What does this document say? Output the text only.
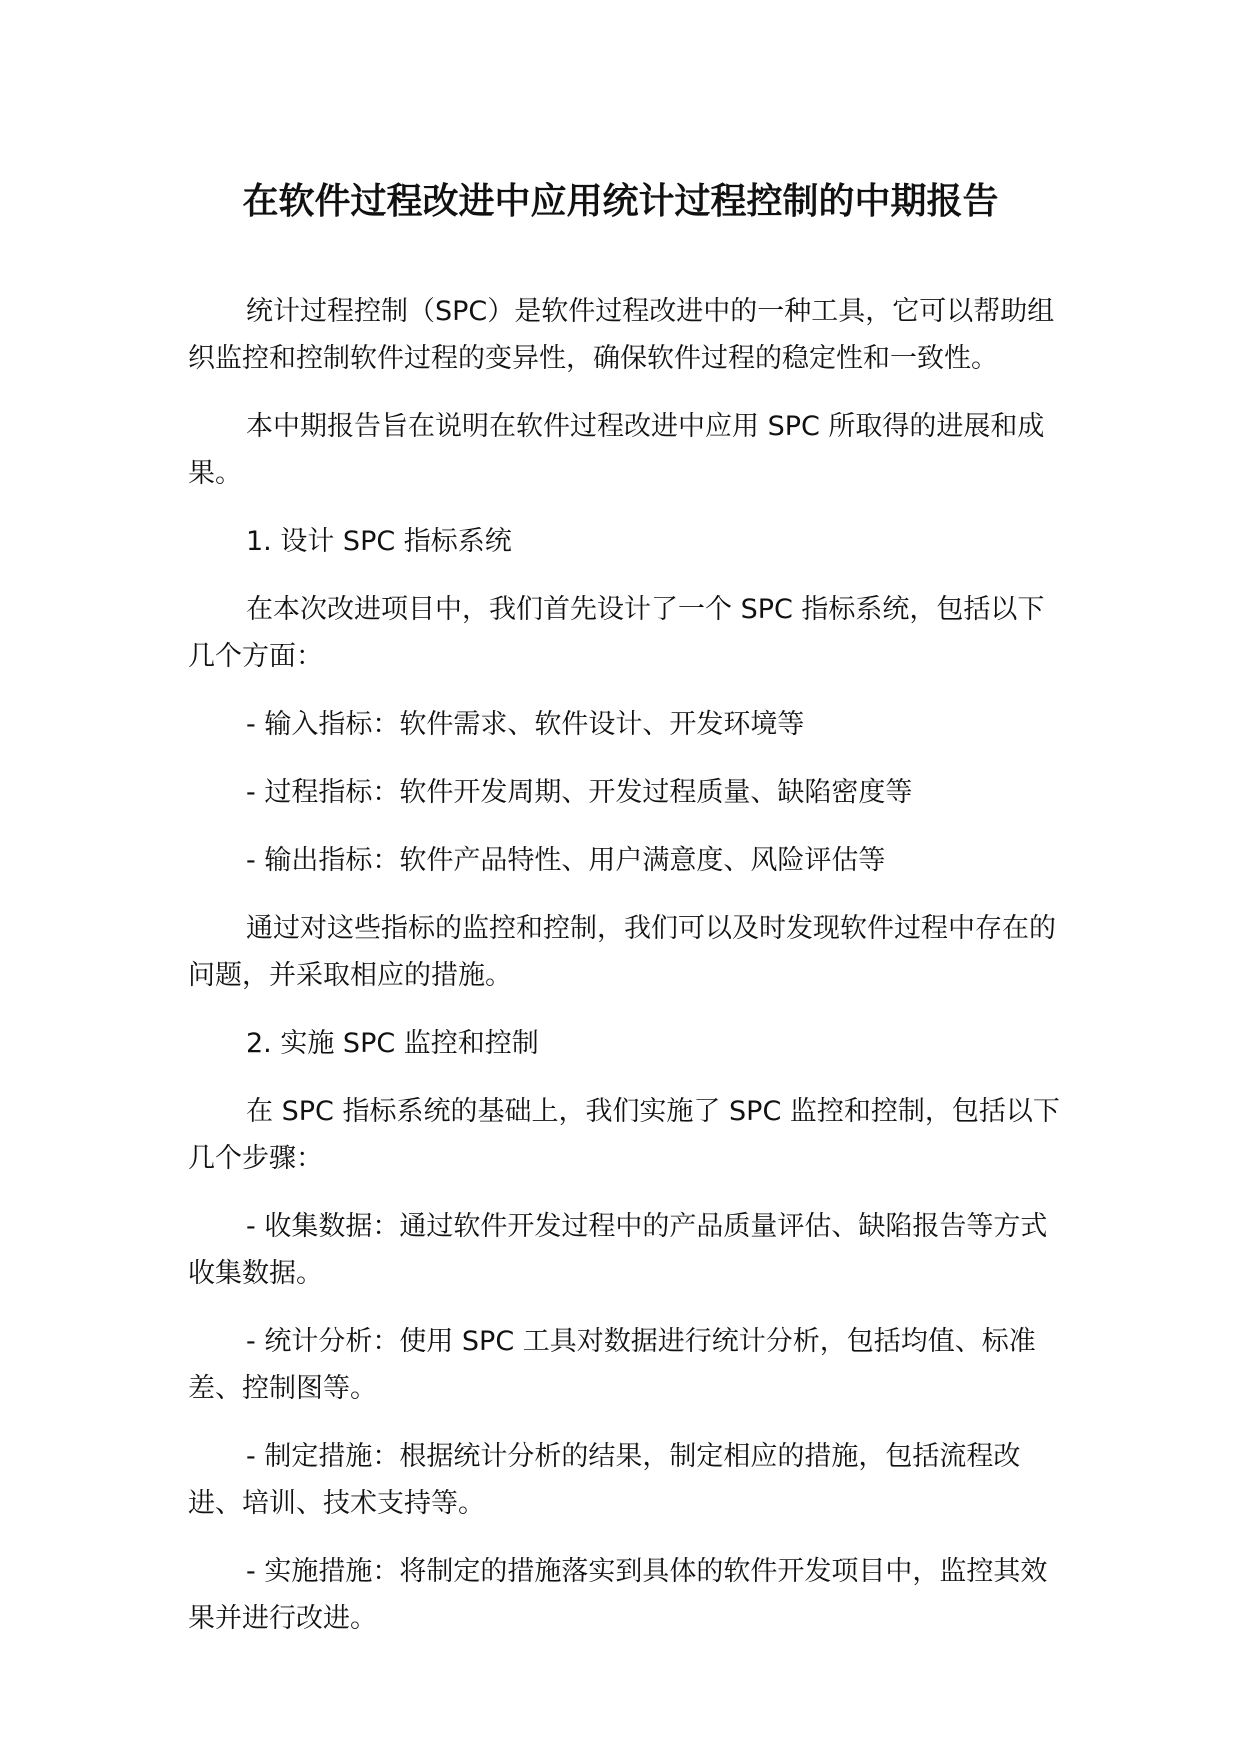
在软件过程改进中应用统计过程控制的中期报告

统计过程控制（SPC）是软件过程改进中的一种工具，它可以帮助组织监控和控制软件过程的变异性，确保软件过程的稳定性和一致性。

本中期报告旨在说明在软件过程改进中应用 SPC 所取得的进展和成果。

1. 设计 SPC 指标系统

在本次改进项目中，我们首先设计了一个 SPC 指标系统，包括以下几个方面：

- 输入指标：软件需求、软件设计、开发环境等

- 过程指标：软件开发周期、开发过程质量、缺陷密度等

- 输出指标：软件产品特性、用户满意度、风险评估等

通过对这些指标的监控和控制，我们可以及时发现软件过程中存在的问题，并采取相应的措施。

2. 实施 SPC 监控和控制

在 SPC 指标系统的基础上，我们实施了 SPC 监控和控制，包括以下几个步骤：

- 收集数据：通过软件开发过程中的产品质量评估、缺陷报告等方式收集数据。

- 统计分析：使用 SPC 工具对数据进行统计分析，包括均值、标准差、控制图等。

- 制定措施：根据统计分析的结果，制定相应的措施，包括流程改进、培训、技术支持等。

- 实施措施：将制定的措施落实到具体的软件开发项目中，监控其效果并进行改进。
